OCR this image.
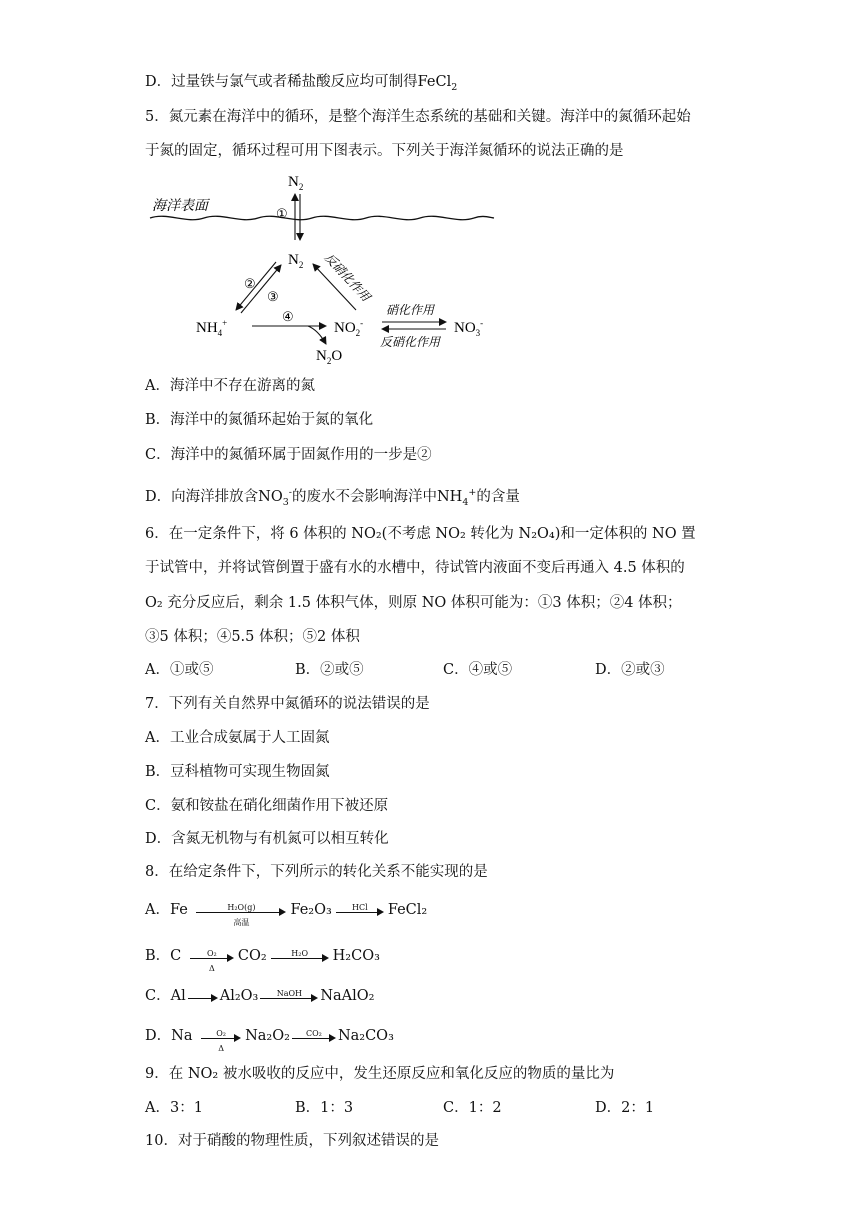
D．过量铁与氯气或者稀盐酸反应均可制得FeCl$_2$
5．氮元素在海洋中的循环，是整个海洋生态系统的基础和关键。海洋中的氮循环起始
于氮的固定，循环过程可用下图表示。下列关于海洋氮循环的说法正确的是
海洋表面
$N_2$
①
$N_2$
②
③	反硝化作用
$NH_4^+$	④
$NO_2^-$
$N_2O$
硝化作用
反硝化作用
$NO_3^-$
A．海洋中不存在游离的氮
B．海洋中的氮循环起始于氮的氧化
C．海洋中的氮循环属于固氮作用的一步是②
D．向海洋排放含$NO_3^-$的废水不会影响海洋中$NH_4^+$的含量
6．在一定条件下，将 6 体积的 NO₂(不考虑 NO₂ 转化为 N₂O₄)和一定体积的 NO 置
于试管中，并将试管倒置于盛有水的水槽中，待试管内液面不变后再通入 4.5 体积的
O₂ 充分反应后，剩余 1.5 体积气体，则原 NO 体积可能为：①3 体积；②4 体积；
③5 体积；④5.5 体积；⑤2 体积
A．①或⑤	B．②或⑤	C．④或⑤	D．②或③
7．下列有关自然界中氮循环的说法错误的是
A．工业合成氨属于人工固氮
B．豆科植物可实现生物固氮
C．氨和铵盐在硝化细菌作用下被还原
D．含氮无机物与有机氮可以相互转化
8．在给定条件下，下列所示的转化关系不能实现的是
A．Fe	H₂O(g)
高温
Fe₂O₃	HCl	FeCl₂
B．C $\frac{\text{O₂}}{\Delta} CO_2$	H₂O	H₂CO₃
C．Al Al₂O₃	NaOH	NaAlO₂
D．Na $\frac{\text{O₂}}{\Delta} Na_2O_2$	CO₂	Na₂CO₃
9．在 NO₂ 被水吸收的反应中，发生还原反应和氧化反应的物质的量比为
A．3：1	B．1：3	C．1：2	D．2：1
10．对于硝酸的物理性质，下列叙述错误的是
